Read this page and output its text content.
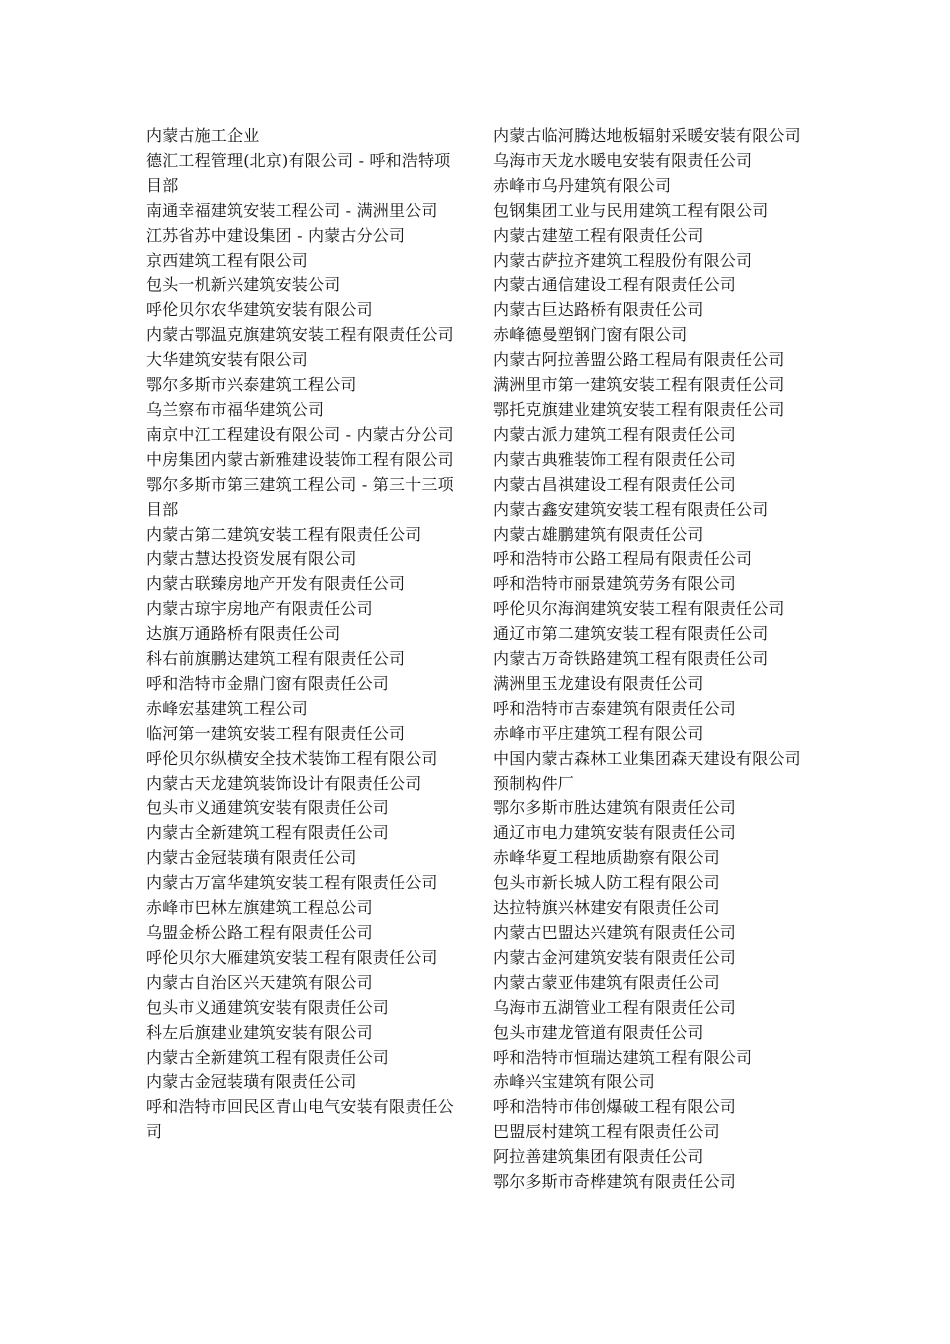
内蒙古施工企业
德汇工程管理(北京)有限公司 - 呼和浩特项目部
南通幸福建筑安装工程公司 - 满洲里公司
江苏省苏中建设集团 - 内蒙古分公司
京西建筑工程有限公司
包头一机新兴建筑安装公司
呼伦贝尔农华建筑安装有限公司
内蒙古鄂温克旗建筑安装工程有限责任公司
大华建筑安装有限公司
鄂尔多斯市兴泰建筑工程公司
乌兰察布市福华建筑公司
南京中江工程建设有限公司 - 内蒙古分公司
中房集团内蒙古新雅建设装饰工程有限公司
鄂尔多斯市第三建筑工程公司 - 第三十三项目部
内蒙古第二建筑安装工程有限责任公司
内蒙古慧达投资发展有限公司
内蒙古联臻房地产开发有限责任公司
内蒙古琼宇房地产有限责任公司
达旗万通路桥有限责任公司
科右前旗鹏达建筑工程有限责任公司
呼和浩特市金鼎门窗有限责任公司
赤峰宏基建筑工程公司
临河第一建筑安装工程有限责任公司
呼伦贝尔纵横安全技术装饰工程有限公司
内蒙古天龙建筑装饰设计有限责任公司
包头市义通建筑安装有限责任公司
内蒙古全新建筑工程有限责任公司
内蒙古金冠装璜有限责任公司
内蒙古万富华建筑安装工程有限责任公司
赤峰市巴林左旗建筑工程总公司
乌盟金桥公路工程有限责任公司
呼伦贝尔大雁建筑安装工程有限责任公司
内蒙古自治区兴天建筑有限公司
包头市义通建筑安装有限责任公司
科左后旗建业建筑安装有限公司
内蒙古全新建筑工程有限责任公司
内蒙古金冠装璜有限责任公司
呼和浩特市回民区青山电气安装有限责任公司
内蒙古临河腾达地板辐射采暖安装有限公司
乌海市天龙水暖电安装有限责任公司
赤峰市乌丹建筑有限公司
包钢集团工业与民用建筑工程有限公司
内蒙古建堃工程有限责任公司
内蒙古萨拉齐建筑工程股份有限公司
内蒙古通信建设工程有限责任公司
内蒙古巨达路桥有限责任公司
赤峰德曼塑钢门窗有限公司
内蒙古阿拉善盟公路工程局有限责任公司
满洲里市第一建筑安装工程有限责任公司
鄂托克旗建业建筑安装工程有限责任公司
内蒙古派力建筑工程有限责任公司
内蒙古典雅装饰工程有限责任公司
内蒙古昌祺建设工程有限责任公司
内蒙古鑫安建筑安装工程有限责任公司
内蒙古雄鹏建筑有限责任公司
呼和浩特市公路工程局有限责任公司
呼和浩特市丽景建筑劳务有限公司
呼伦贝尔海润建筑安装工程有限责任公司
通辽市第二建筑安装工程有限责任公司
内蒙古万奇铁路建筑工程有限责任公司
满洲里玉龙建设有限责任公司
呼和浩特市吉泰建筑有限责任公司
赤峰市平庄建筑工程有限公司
中国内蒙古森林工业集团森天建设有限公司预制构件厂
鄂尔多斯市胜达建筑有限责任公司
通辽市电力建筑安装有限责任公司
赤峰华夏工程地质勘察有限公司
包头市新长城人防工程有限公司
达拉特旗兴林建安有限责任公司
内蒙古巴盟达兴建筑有限责任公司
内蒙古金河建筑安装有限责任公司
内蒙古蒙亚伟建筑有限责任公司
乌海市五湖管业工程有限责任公司
包头市建龙管道有限责任公司
呼和浩特市恒瑞达建筑工程有限公司
赤峰兴宝建筑有限公司
呼和浩特市伟创爆破工程有限公司
巴盟辰村建筑工程有限责任公司
阿拉善建筑集团有限责任公司
鄂尔多斯市奇桦建筑有限责任公司
